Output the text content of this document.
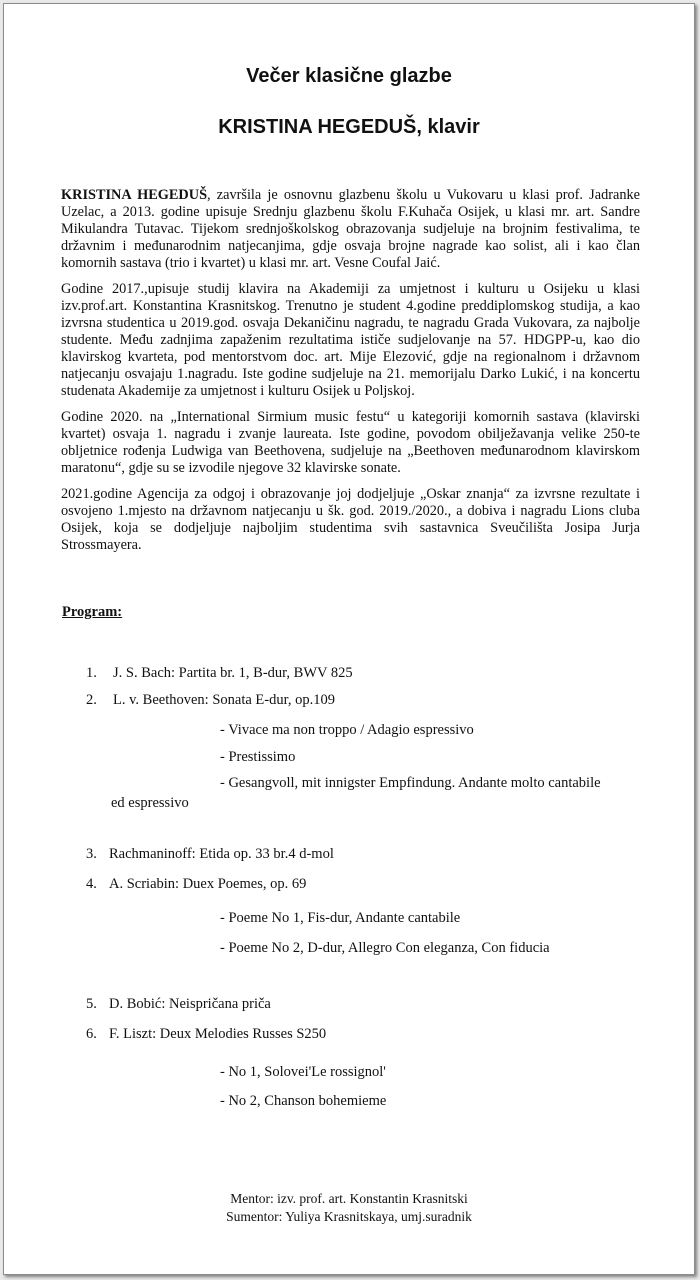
Večer klasične glazbe
KRISTINA HEGEDUŠ, klavir

KRISTINA HEGEDUŠ, završila je osnovnu glazbenu školu u Vukovaru u klasi prof. Jadranke Uzelac, a 2013. godine upisuje Srednju glazbenu školu F.Kuhača Osijek, u klasi mr. art. Sandre Mikulandra Tutavac. Tijekom srednjoškolskog obrazovanja sudjeluje na brojnim festivalima, te državnim i međunarodnim natjecanjima, gdje osvaja brojne nagrade kao solist, ali i kao član komornih sastava (trio i kvartet) u klasi mr. art. Vesne Coufal Jaić.

Godine 2017.,upisuje studij klavira na Akademiji za umjetnost i kulturu u Osijeku u klasi izv.prof.art. Konstantina Krasnitskog. Trenutno je student 4.godine preddiplomskog studija, a kao izvrsna studentica u 2019.god. osvaja Dekaničinu nagradu, te nagradu Grada Vukovara, za najbolje studente. Među zadnjima zapaženim rezultatima ističe sudjelovanje na 57. HDGPP-u, kao dio klavirskog kvarteta, pod mentorstvom doc. art. Mije Elezović, gdje na regionalnom i državnom natjecanju osvajaju 1.nagradu. Iste godine sudjeluje na 21. memorijalu Darko Lukić, i na koncertu studenata Akademije za umjetnost i kulturu Osijek u Poljskoj.

Godine 2020. na „International Sirmium music festu“ u kategoriji komornih sastava (klavirski kvartet) osvaja 1. nagradu i zvanje laureata. Iste godine, povodom obilježavanja velike 250-te obljetnice rođenja Ludwiga van Beethovena, sudjeluje na „Beethoven međunarodnom klavirskom maratonu“, gdje su se izvodile njegove 32 klavirske sonate.

2021.godine Agencija za odgoj i obrazovanje joj dodjeljuje „Oskar znanja“ za izvrsne rezultate i osvojeno 1.mjesto na državnom natjecanju u šk. god. 2019./2020., a dobiva i nagradu Lions cluba Osijek, koja se dodjeljuje najboljim studentima svih sastavnica Sveučilišta Josipa Jurja Strossmayera.

Program:
1. J. S. Bach: Partita br. 1, B-dur, BWV 825
2. L. v. Beethoven: Sonata E-dur, op.109
- Vivace ma non troppo / Adagio espressivo
- Prestissimo
- Gesangvoll, mit innigster Empfindung. Andante molto cantabile
ed espressivo
3. Rachmaninoff: Etida op. 33 br.4 d-mol
4. A. Scriabin: Duex Poemes, op. 69
- Poeme No 1, Fis-dur, Andante cantabile
- Poeme No 2, D-dur, Allegro Con eleganza, Con fiducia
5. D. Bobić: Neispričana priča
6. F. Liszt: Deux Melodies Russes S250
- No 1, Solovei'Le rossignol'
- No 2, Chanson bohemieme
Mentor: izv. prof. art. Konstantin Krasnitski
Sumentor: Yuliya Krasnitskaya, umj.suradnik
